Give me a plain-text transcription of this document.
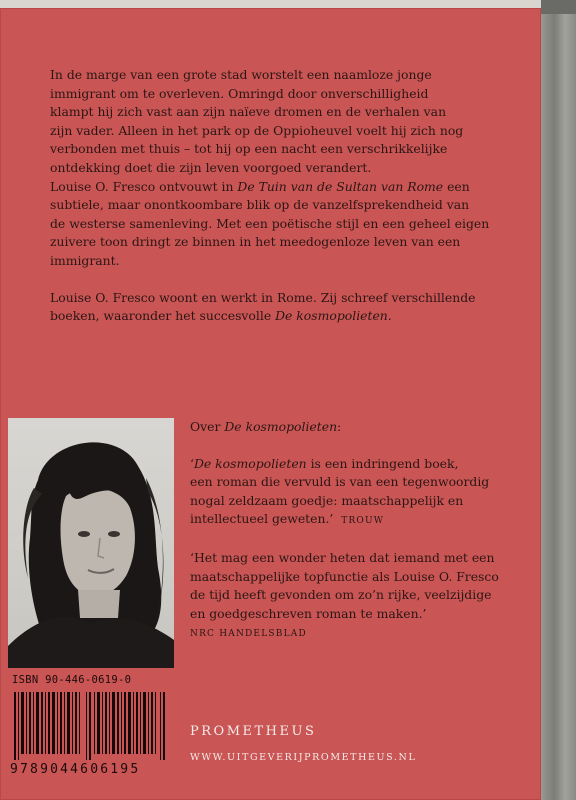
In de marge van een grote stad worstelt een naamloze jonge

immigrant om te overleven. Omringd door onverschilligheid

klampt hij zich vast aan zijn naïeve dromen en de verhalen van

zijn vader. Alleen in het park op de Oppioheuvel voelt hij zich nog

verbonden met thuis – tot hij op een nacht een verschrikkelijke

ontdekking doet die zijn leven voorgoed verandert.

Louise O. Fresco ontvouwt in De Tuin van de Sultan van Rome een

subtiele, maar onontkoombare blik op de vanzelfsprekendheid van

de westerse samenleving. Met een poëtische stijl en een geheel eigen

zuivere toon dringt ze binnen in het meedogenloze leven van een

immigrant.

Louise O. Fresco woont en werkt in Rome. Zij schreef verschillende

boeken, waaronder het succesvolle De kosmopolieten.

ISBN 90-446-0619-0
9789044606195

Over De kosmopolieten:

‘De kosmopolieten is een indringend boek,

een roman die vervuld is van een tegenwoordig

nogal zeldzaam goedje: maatschappelijk en

intellectueel geweten.’ TROUW

‘Het mag een wonder heten dat iemand met een

maatschappelijke topfunctie als Louise O. Fresco

de tijd heeft gevonden om zo’n rijke, veelzijdige

en goedgeschreven roman te maken.’

NRC HANDELSBLAD

PROMETHEUS
WWW.UITGEVERIJPROMETHEUS.NL
